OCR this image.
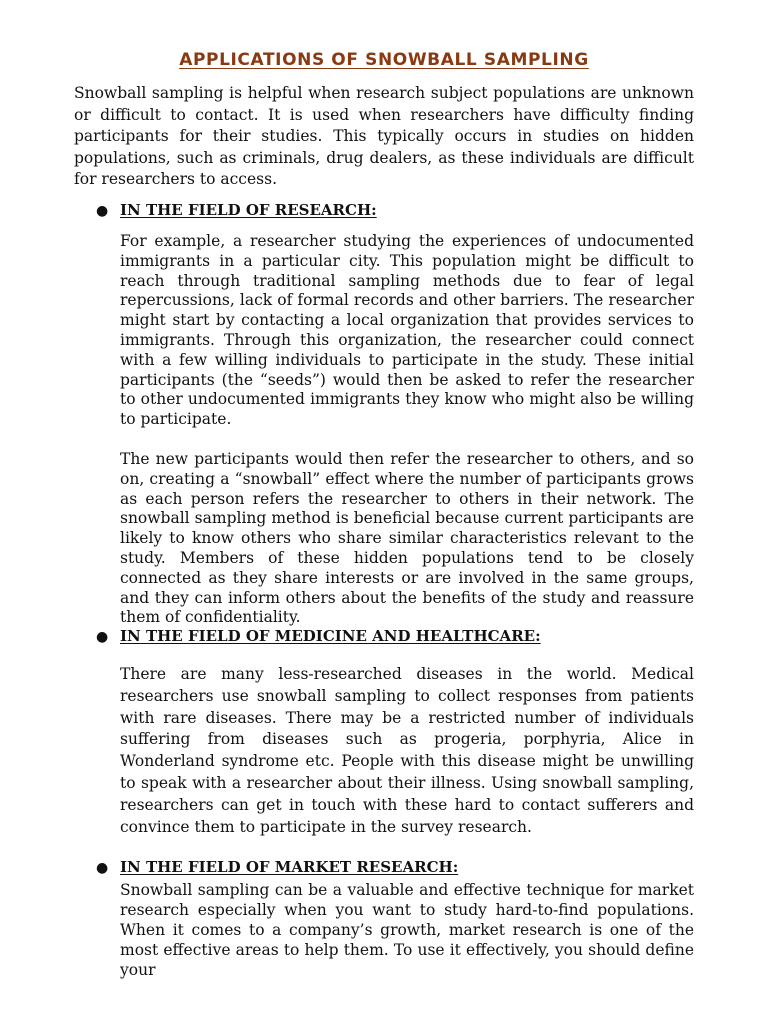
APPLICATIONS OF SNOWBALL SAMPLING

Snowball sampling is helpful when research subject populations are unknown or difficult to contact. It is used when researchers have difficulty finding participants for their studies. This typically occurs in studies on hidden populations, such as criminals, drug dealers, as these individuals are difficult for researchers to access.

● IN THE FIELD OF RESEARCH:

For example, a researcher studying the experiences of undocumented immigrants in a particular city. This population might be difficult to reach through traditional sampling methods due to fear of legal repercussions, lack of formal records and other barriers. The researcher might start by contacting a local organization that provides services to immigrants. Through this organization, the researcher could connect with a few willing individuals to participate in the study. These initial participants (the “seeds”) would then be asked to refer the researcher to other undocumented immigrants they know who might also be willing to participate.

The new participants would then refer the researcher to others, and so on, creating a “snowball” effect where the number of participants grows as each person refers the researcher to others in their network. The snowball sampling method is beneficial because current participants are likely to know others who share similar characteristics relevant to the study. Members of these hidden populations tend to be closely connected as they share interests or are involved in the same groups, and they can inform others about the benefits of the study and reassure them of confidentiality.

● IN THE FIELD OF MEDICINE AND HEALTHCARE:

There are many less-researched diseases in the world. Medical researchers use snowball sampling to collect responses from patients with rare diseases. There may be a restricted number of individuals suffering from diseases such as progeria, porphyria, Alice in Wonderland syndrome etc. People with this disease might be unwilling to speak with a researcher about their illness. Using snowball sampling, researchers can get in touch with these hard to contact sufferers and convince them to participate in the survey research.

● IN THE FIELD OF MARKET RESEARCH:

Snowball sampling can be a valuable and effective technique for market research especially when you want to study hard-to-find populations. When it comes to a company’s growth, market research is one of the most effective areas to help them. To use it effectively, you should define your
